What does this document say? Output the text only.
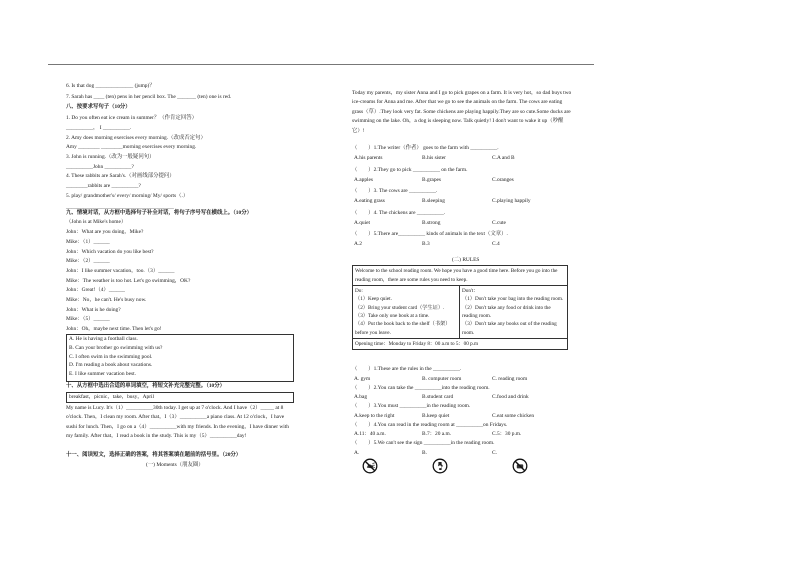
6. Is that dog ______________ (jump)？
7. Sarah has ____ (ten) pens in her pencil box. The _______ (ten) one is red.
八、按要求写句子（10分）
1. Do you often eat ice cream in summer？（作肯定回答）
__________， I __________.
2. Amy does morning exercises every morning.（改成否定句）
Amy ________ ________morning exercises every morning.
3. John is running.（改为一般疑问句）
__________John __________?
4. These rabbits are Sarah's.（对画线部分提问）
________rabbits are __________?
5. play/ grandmother's/ every/ morning/ My/ sports（.）
________________________________________
九、情境对话，从方框中选择句子补全对话，将句子序号写在横线上。（10分）
（John is at Mike's home）
John：What are you doing，Mike?
Mike：（1）______
John：Which vacation do you like best?
Mike：（2）______
John：I like summer vacation，too.（3）______
Mike：The weather is too hot. Let's go swimming，OK?
John：Great!（4）______
Mike：No，he can't. He's busy now.
John：What is he doing?
Mike：（5）______
John：Oh，maybe next time. Then let's go!
A. He is having a football class.
B. Can your brother go swimming with us?
C. I often swim in the swimming pool.
D. I'm reading a book about vacations.
E. I like summer vacation best.
十、从方框中选出合适的单词填空，将短文补充完整完整。（10分）
breakfast，picnic，take，busy，April
My name is Lucy. It's（1）__________30th today. I get up at 7 o'clock. And I have（2）_____ at 8 o'clock. Then，I clean my room. After that，I（3）__________a piano class. At 12 o'clock，I have sushi for lunch. Then，I go on a（4）__________with my friends. In the evening，I have dinner with my family. After that，I read a book in the study. This is my（5）__________day!
十一、阅读短文，选择正确的答案，将其答案填在题前的括号里。（20分）
(一) Moments（朋友圈）
Today my parents，my sister Anna and I go to pick grapes on a farm. It is very hot，so dad buys two ice-creams for Anna and me. After that we go to see the animals on the farm. The cows are eating grass（草）.They look very fat. Some chickens are playing happily.They are so cute.Some ducks are swimming on the lake. Oh，a dog is sleeping now. Talk quietly! I don't want to wake it up（吵醒它）!
（　　）1.The writer（作者） goes to the farm with __________.
A.his parents	B.his sister	C.A and B
（　　）2.They go to pick __________ on the farm.
A.apples	B.grapes	C.oranges
（　　）3. The cows are __________.
A.eating grass	B.sleeping	C.playing happily
（　　）4. The chickens are __________.
A.quiet	B.strong	C.cute
（　　）5.There are__________ kinds of animals in the text（文章）.
A.2	B.3	C.4
(二) RULES
Welcome to the school reading room. We hope you have a good time here. Before you go into the reading room，there are some rules you need to keep.

Do:
（1）Keep quiet.
（2）Bring your student card（学生证）.
（3）Take only one book at a time.
（4）Put the book back to the shelf（书架）before you leave.

Don't：
（1）Don't take your bag into the reading room.
（2）Don't take any food or drink into the reading room.
（3）Don't take any books out of the reading room.

Opening time：Monday to Friday 8：00 a.m to 5：00 p.m
（　　）1.These are the rules in the __________.
A. gym	B. computer room	C. reading room
（　　）2.You can take the __________into the reading room.
A.bag	B.student card	C.food and drink
（　　）3.You must __________in the reading room.
A.keep to the right	B.keep quiet	C.eat some chicken
（　　）4.You can read in the reading room at __________on Fridays.
A.11：40 a.m.	B.7：20 a.m.	C.5：30 p.m.
（　　）5.We can't see the sign __________in the reading room.
A.	B.	C.
